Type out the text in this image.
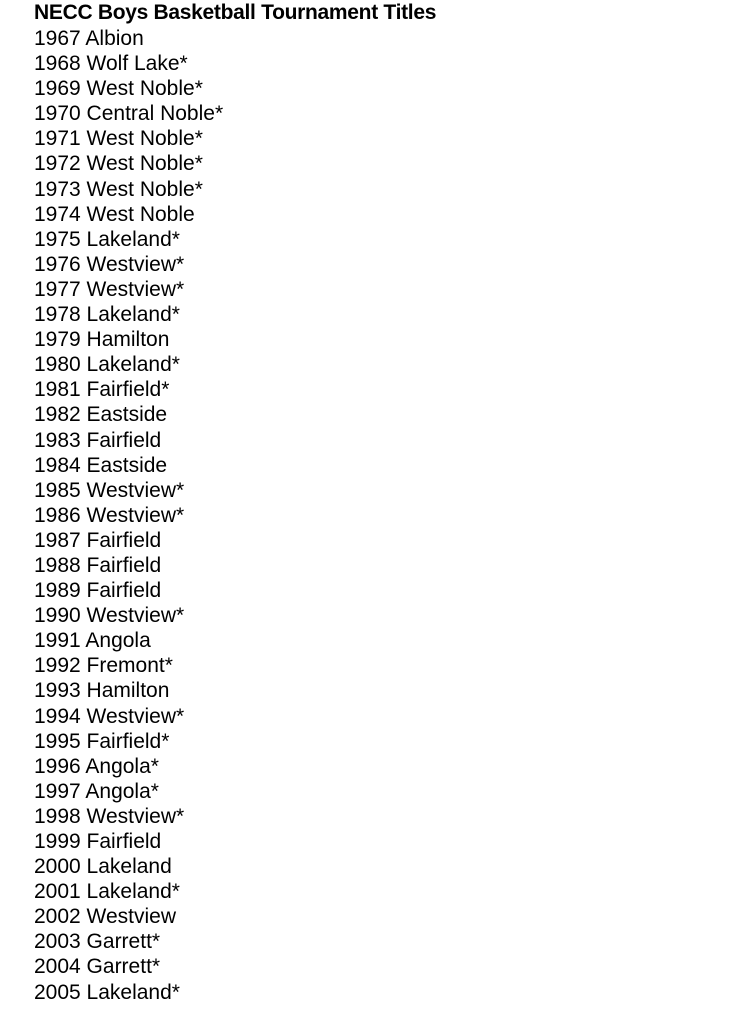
NECC Boys Basketball Tournament Titles
1967 Albion
1968 Wolf Lake*
1969 West Noble*
1970 Central Noble*
1971 West Noble*
1972 West Noble*
1973 West Noble*
1974 West Noble
1975 Lakeland*
1976 Westview*
1977 Westview*
1978 Lakeland*
1979 Hamilton
1980 Lakeland*
1981 Fairfield*
1982 Eastside
1983 Fairfield
1984 Eastside
1985 Westview*
1986 Westview*
1987 Fairfield
1988 Fairfield
1989 Fairfield
1990 Westview*
1991 Angola
1992 Fremont*
1993 Hamilton
1994 Westview*
1995 Fairfield*
1996 Angola*
1997 Angola*
1998 Westview*
1999 Fairfield
2000 Lakeland
2001 Lakeland*
2002 Westview
2003 Garrett*
2004 Garrett*
2005 Lakeland*
